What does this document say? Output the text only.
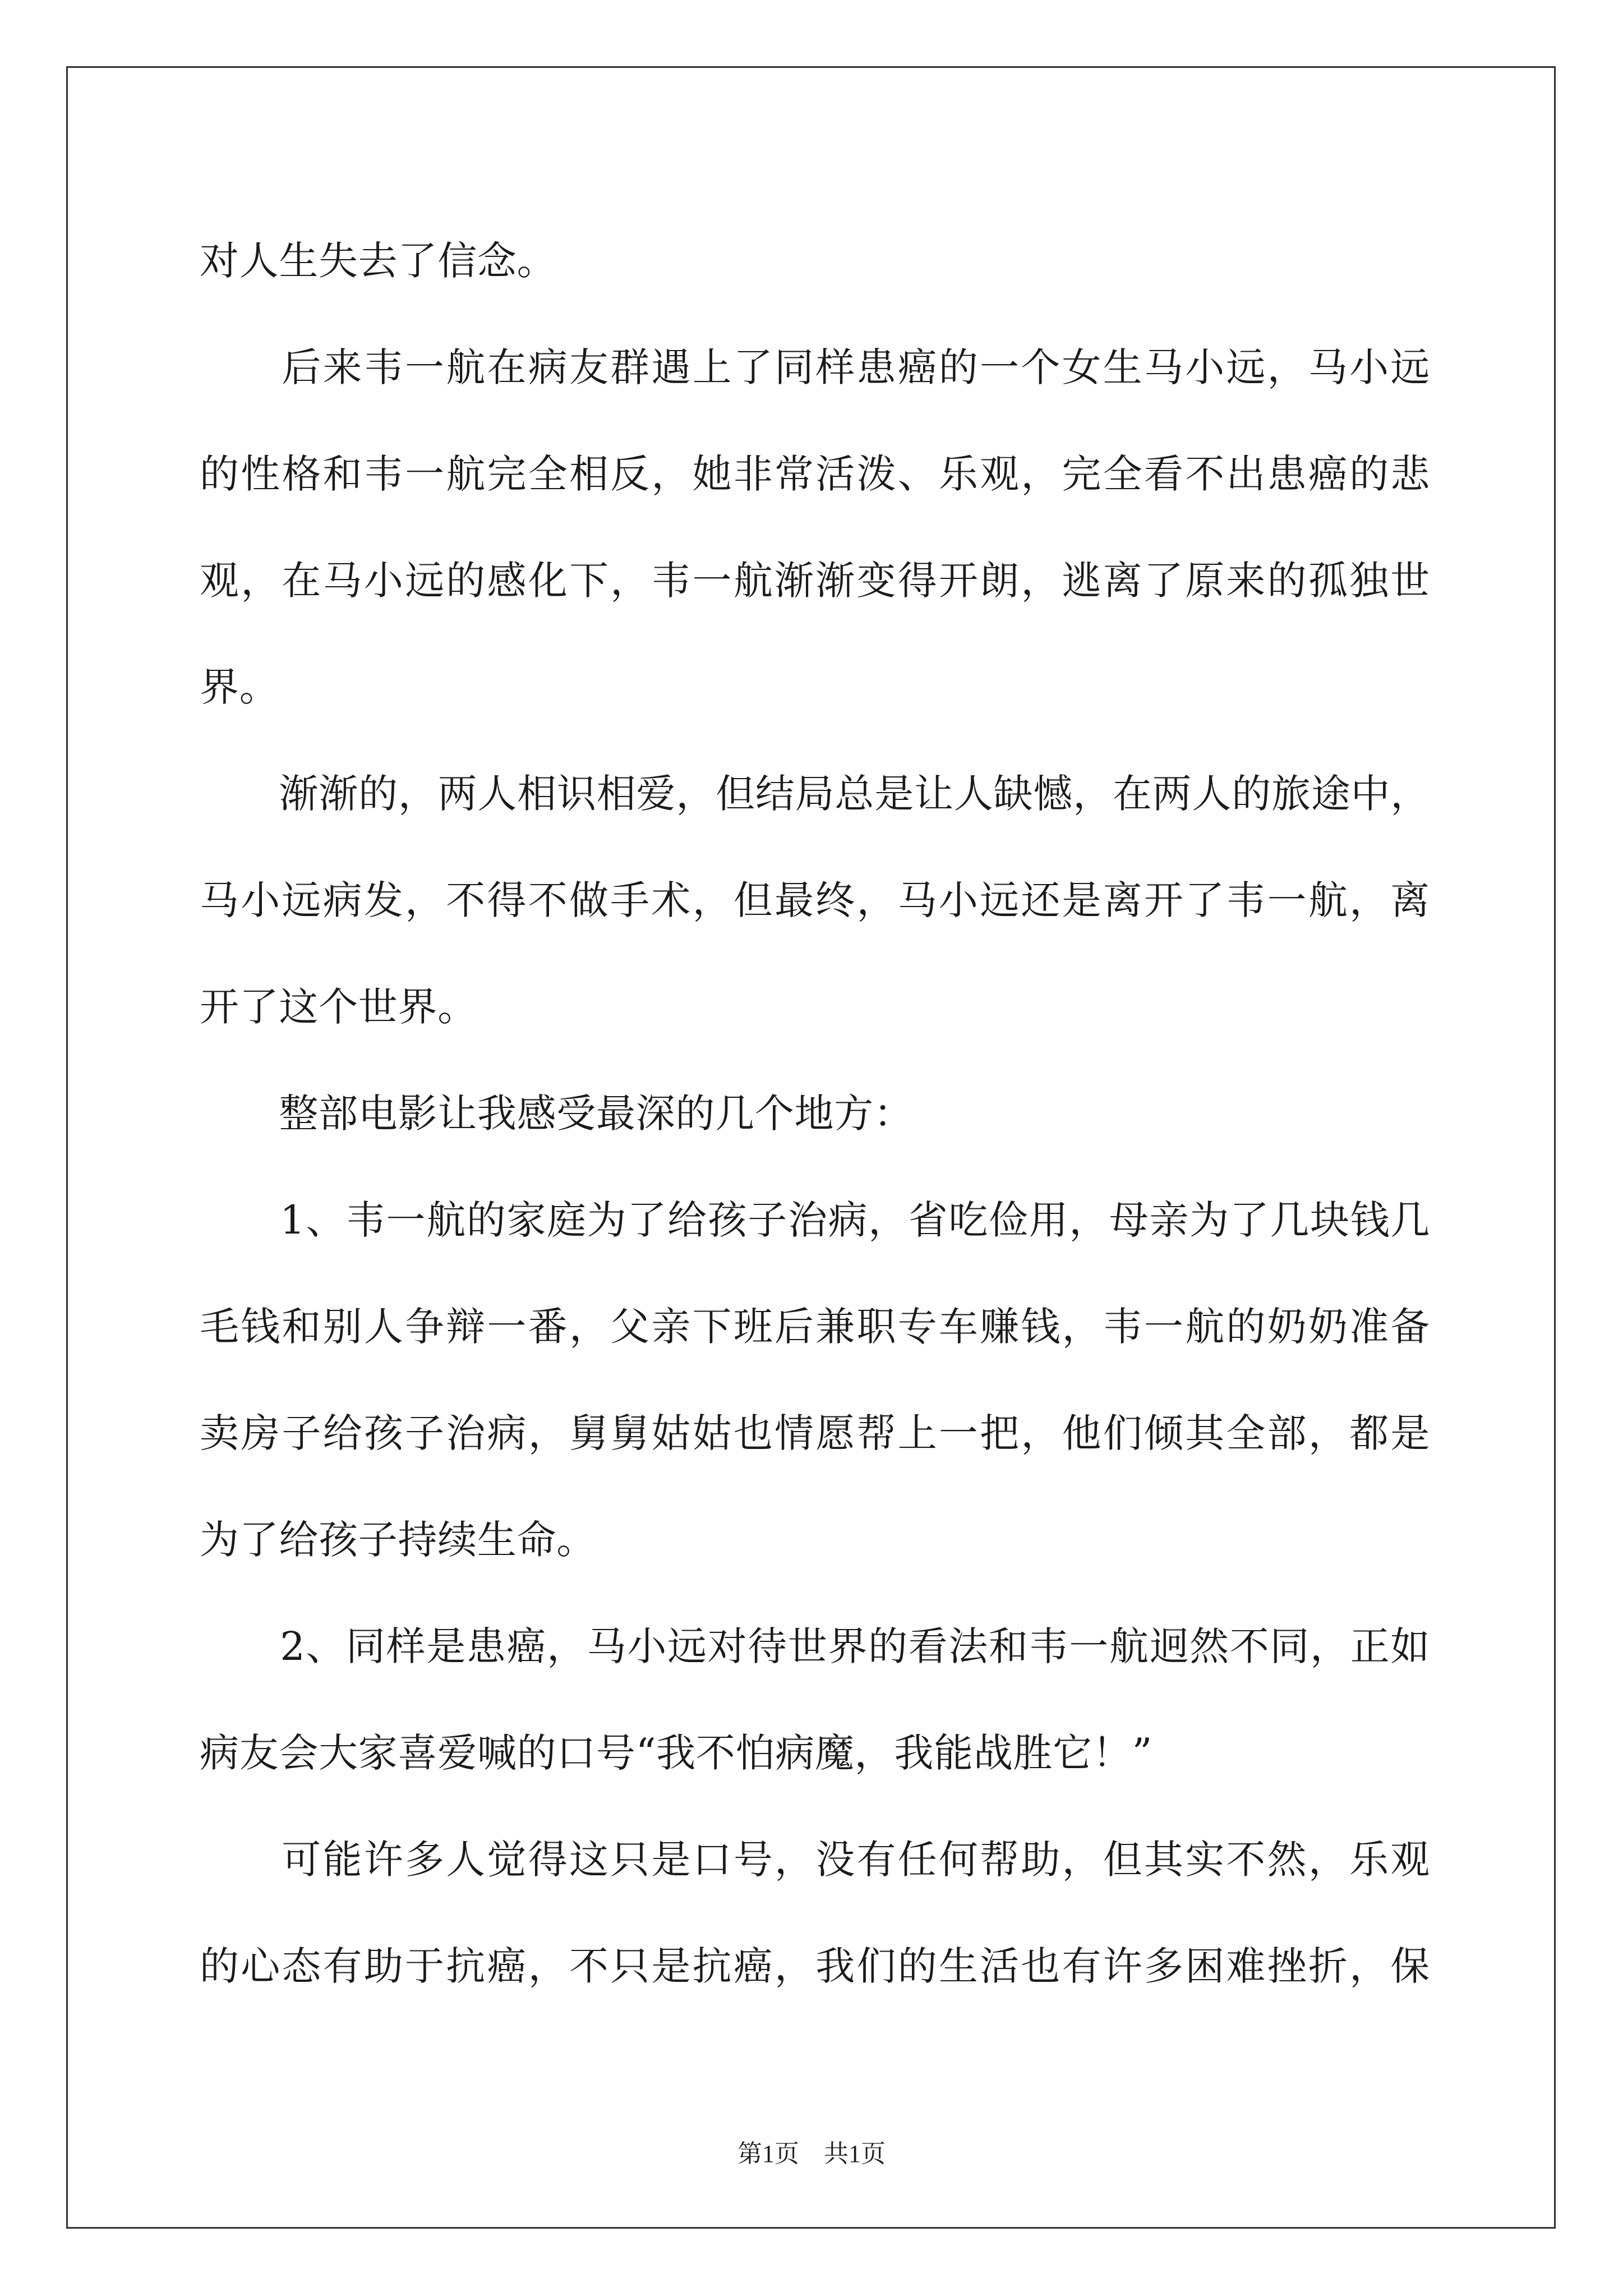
对人生失去了信念。

　　后来韦一航在病友群遇上了同样患癌的一个女生马小远，马小远
的性格和韦一航完全相反，她非常活泼、乐观，完全看不出患癌的悲
观，在马小远的感化下，韦一航渐渐变得开朗，逃离了原来的孤独世
界。

　　渐渐的，两人相识相爱，但结局总是让人缺憾，在两人的旅途中，
马小远病发，不得不做手术，但最终，马小远还是离开了韦一航，离
开了这个世界。

　　整部电影让我感受最深的几个地方：

　　1、韦一航的家庭为了给孩子治病，省吃俭用，母亲为了几块钱几
毛钱和别人争辩一番，父亲下班后兼职专车赚钱，韦一航的奶奶准备
卖房子给孩子治病，舅舅姑姑也情愿帮上一把，他们倾其全部，都是
为了给孩子持续生命。

　　2、同样是患癌，马小远对待世界的看法和韦一航迥然不同，正如
病友会大家喜爱喊的口号“我不怕病魔，我能战胜它！”

　　可能许多人觉得这只是口号，没有任何帮助，但其实不然，乐观
的心态有助于抗癌，不只是抗癌，我们的生活也有许多困难挫折，保

第1页　共1页
